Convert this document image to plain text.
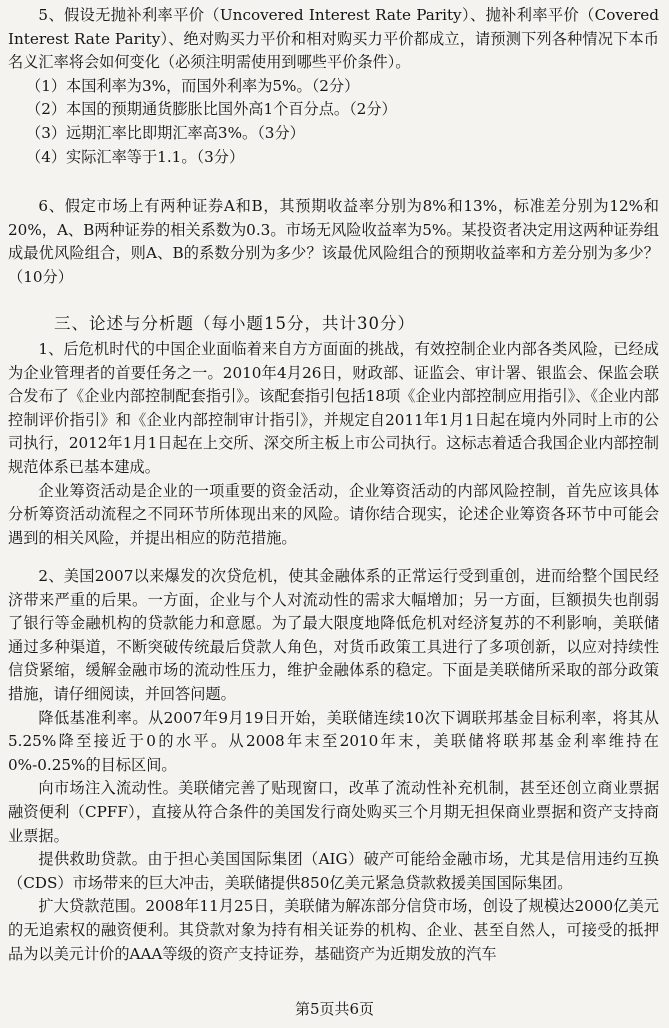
5、假设无抛补利率平价（Uncovered Interest Rate Parity）、抛补利率平价（Covered Interest Rate Parity）、绝对购买力平价和相对购买力平价都成立，请预测下列各种情况下本币名义汇率将会如何变化（必须注明需使用到哪些平价条件）。

（1）本国利率为3%，而国外利率为5%。（2分）

（2）本国的预期通货膨胀比国外高1个百分点。（2分）

（3）远期汇率比即期汇率高3%。（3分）

（4）实际汇率等于1.1。（3分）

6、假定市场上有两种证券A和B，其预期收益率分别为8%和13%，标准差分别为12%和20%，A、B两种证券的相关系数为0.3。市场无风险收益率为5%。某投资者决定用这两种证券组成最优风险组合，则A、B的系数分别为多少？该最优风险组合的预期收益率和方差分别为多少？（10分）

三、论述与分析题（每小题15分，共计30分）

1、后危机时代的中国企业面临着来自方方面面的挑战，有效控制企业内部各类风险，已经成为企业管理者的首要任务之一。2010年4月26日，财政部、证监会、审计署、银监会、保监会联合发布了《企业内部控制配套指引》。该配套指引包括18项《企业内部控制应用指引》、《企业内部控制评价指引》和《企业内部控制审计指引》，并规定自2011年1月1日起在境内外同时上市的公司执行，2012年1月1日起在上交所、深交所主板上市公司执行。这标志着适合我国企业内部控制规范体系已基本建成。

企业筹资活动是企业的一项重要的资金活动，企业筹资活动的内部风险控制，首先应该具体分析筹资活动流程之不同环节所体现出来的风险。请你结合现实，论述企业筹资各环节中可能会遇到的相关风险，并提出相应的防范措施。

2、美国2007以来爆发的次贷危机，使其金融体系的正常运行受到重创，进而给整个国民经济带来严重的后果。一方面，企业与个人对流动性的需求大幅增加；另一方面，巨额损失也削弱了银行等金融机构的贷款能力和意愿。为了最大限度地降低危机对经济复苏的不利影响，美联储通过多种渠道，不断突破传统最后贷款人角色，对货币政策工具进行了多项创新，以应对持续性信贷紧缩，缓解金融市场的流动性压力，维护金融体系的稳定。下面是美联储所采取的部分政策措施，请仔细阅读，并回答问题。

降低基准利率。从2007年9月19日开始，美联储连续10次下调联邦基金目标利率，将其从5.25%降至接近于0的水平。从2008年末至2010年末，美联储将联邦基金利率维持在0%-0.25%的目标区间。

向市场注入流动性。美联储完善了贴现窗口，改革了流动性补充机制，甚至还创立商业票据融资便利（CPFF），直接从符合条件的美国发行商处购买三个月期无担保商业票据和资产支持商业票据。

提供救助贷款。由于担心美国国际集团（AIG）破产可能给金融市场，尤其是信用违约互换（CDS）市场带来的巨大冲击，美联储提供850亿美元紧急贷款救援美国国际集团。

扩大贷款范围。2008年11月25日，美联储为解冻部分信贷市场，创设了规模达2000亿美元的无追索权的融资便利。其贷款对象为持有相关证券的机构、企业、甚至自然人，可接受的抵押品为以美元计价的AAA等级的资产支持证券，基础资产为近期发放的汽车

第5页共6页
